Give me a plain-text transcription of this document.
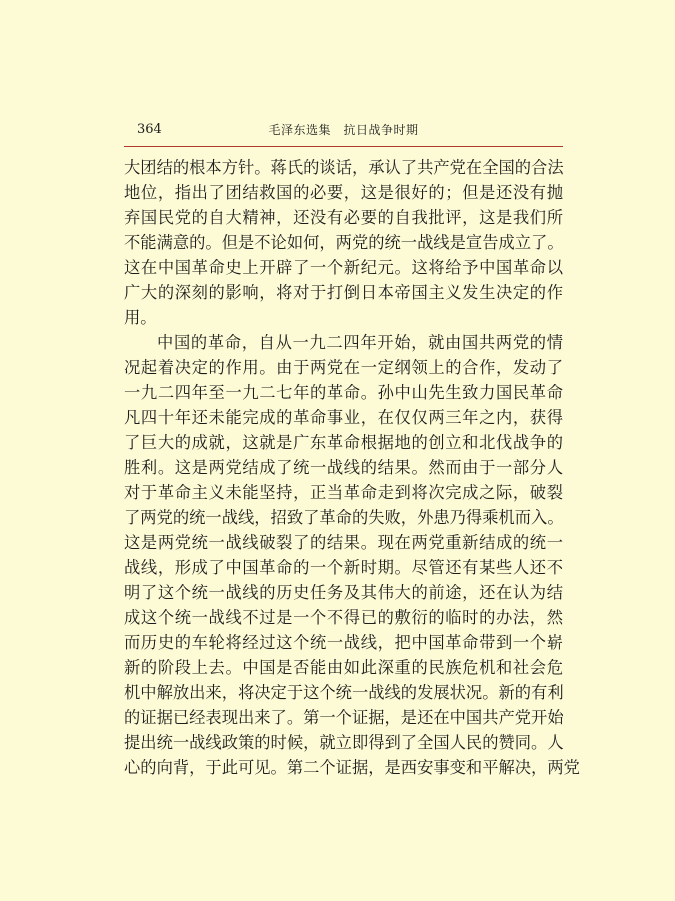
364	毛泽东选集　抗日战争时期
大团结的根本方针。蒋氏的谈话，承认了共产党在全国的合法
地位，指出了团结救国的必要，这是很好的；但是还没有抛
弃国民党的自大精神，还没有必要的自我批评，这是我们所
不能满意的。但是不论如何，两党的统一战线是宣告成立了。
这在中国革命史上开辟了一个新纪元。这将给予中国革命以
广大的深刻的影响，将对于打倒日本帝国主义发生决定的作
用。
中国的革命，自从一九二四年开始，就由国共两党的情
况起着决定的作用。由于两党在一定纲领上的合作，发动了
一九二四年至一九二七年的革命。孙中山先生致力国民革命
凡四十年还未能完成的革命事业，在仅仅两三年之内，获得
了巨大的成就，这就是广东革命根据地的创立和北伐战争的
胜利。这是两党结成了统一战线的结果。然而由于一部分人
对于革命主义未能坚持，正当革命走到将次完成之际，破裂
了两党的统一战线，招致了革命的失败，外患乃得乘机而入。
这是两党统一战线破裂了的结果。现在两党重新结成的统一
战线，形成了中国革命的一个新时期。尽管还有某些人还不
明了这个统一战线的历史任务及其伟大的前途，还在认为结
成这个统一战线不过是一个不得已的敷衍的临时的办法，然
而历史的车轮将经过这个统一战线，把中国革命带到一个崭
新的阶段上去。中国是否能由如此深重的民族危机和社会危
机中解放出来，将决定于这个统一战线的发展状况。新的有利
的证据已经表现出来了。第一个证据，是还在中国共产党开始
提出统一战线政策的时候，就立即得到了全国人民的赞同。人
心的向背，于此可见。第二个证据，是西安事变和平解决，两党
